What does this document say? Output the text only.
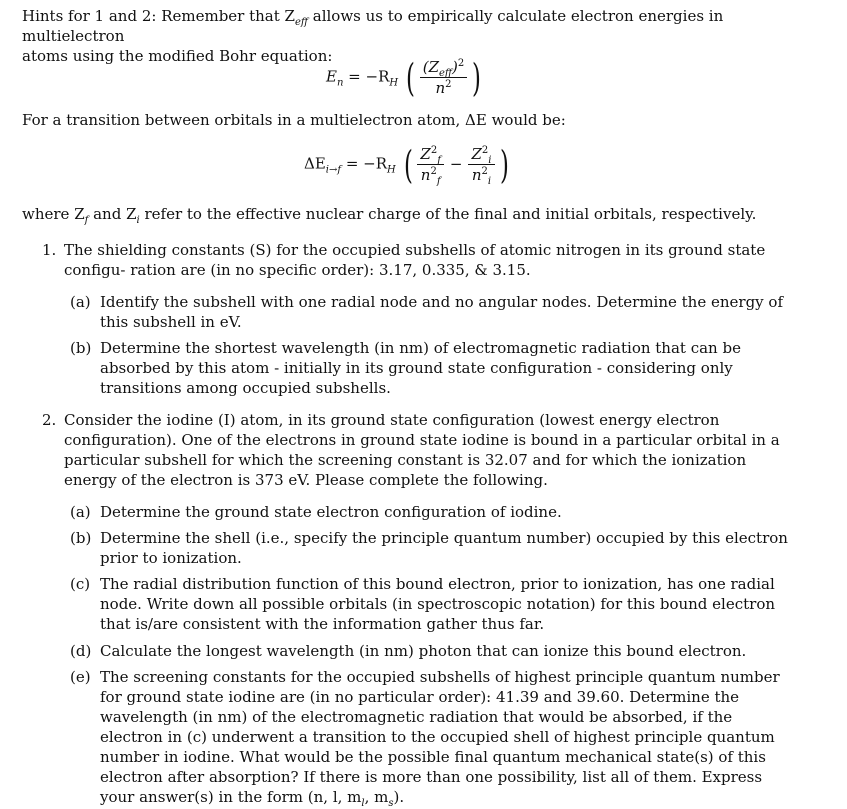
Hints for 1 and 2: Remember that $Z_{eff}$ allows us to empirically calculate electron energies in multielectron
atoms using the modified Bohr equation:
$E_n = -R_H$ ( $\frac{(Z_{eff})^2}{n^2}$ )
For a transition between orbitals in a multielectron atom, ΔE would be:
$\Delta E_{i\to f} = -R_H$ ( $\frac{Z^2_f}{n^2_f} - \frac{Z^2_i}{n^2_i}$ )
where $Z_f$ and $Z_i$ refer to the effective nuclear charge of the final and initial orbitals, respectively.
1. The shielding constants (S) for the occupied subshells of atomic nitrogen in its ground state configu- ration are (in no specific order): 3.17, 0.335, & 3.15.
(a) Identify the subshell with one radial node and no angular nodes. Determine the energy of this subshell in eV.
(b) Determine the shortest wavelength (in nm) of electromagnetic radiation that can be absorbed by this atom - initially in its ground state configuration - considering only transitions among occupied subshells.
2. Consider the iodine (I) atom, in its ground state configuration (lowest energy electron configuration). One of the electrons in ground state iodine is bound in a particular orbital in a particular subshell for which the screening constant is 32.07 and for which the ionization energy of the electron is 373 eV. Please complete the following.
(a) Determine the ground state electron configuration of iodine.
(b) Determine the shell (i.e., specify the principle quantum number) occupied by this electron prior to ionization.
(c) The radial distribution function of this bound electron, prior to ionization, has one radial node. Write down all possible orbitals (in spectroscopic notation) for this bound electron that is/are consistent with the information gather thus far.
(d) Calculate the longest wavelength (in nm) photon that can ionize this bound electron.
(e) The screening constants for the occupied subshells of highest principle quantum number for ground state iodine are (in no particular order): 41.39 and 39.60. Determine the wavelength (in nm) of the electromagnetic radiation that would be absorbed, if the electron in (c) underwent a transition to the occupied shell of highest principle quantum number in iodine. What would be the possible final quantum mechanical state(s) of this electron after absorption? If there is more than one possibility, list all of them. Express your answer(s) in the form (n, l, $m_l$, $m_s$).
